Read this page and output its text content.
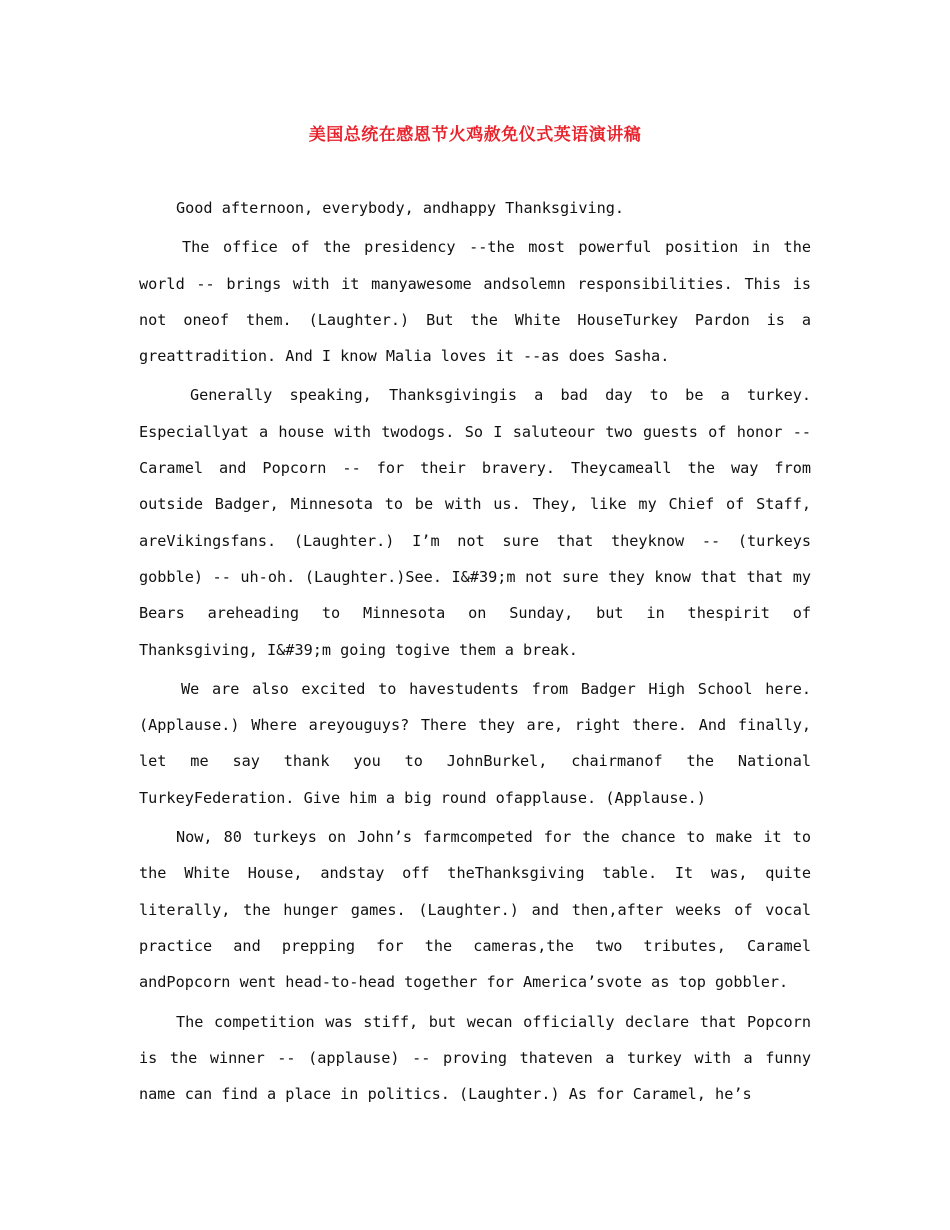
美国总统在感恩节火鸡赦免仪式英语演讲稿

Good afternoon, everybody, andhappy Thanksgiving.

The office of the presidency --the most powerful position in the world -- brings with it manyawesome andsolemn responsibilities. This is not oneof them. (Laughter.) But the White HouseTurkey Pardon is a greattradition. And I know Malia loves it --as does Sasha.

Generally speaking, Thanksgivingis a bad day to be a turkey. Especiallyat a house with twodogs. So I saluteour two guests of honor -- Caramel and Popcorn -- for their bravery. Theycameall the way from outside Badger, Minnesota to be with us. They, like my Chief of Staff, areVikingsfans. (Laughter.) I’m not sure that theyknow -- (turkeys gobble) -- uh-oh. (Laughter.)See. I&#39;m not sure they know that that my Bears areheading to Minnesota on Sunday, but in thespirit of Thanksgiving, I&#39;m going togive them a break.

We are also excited to havestudents from Badger High School here. (Applause.) Where areyouguys? There they are, right there. And finally, let me say thank you to JohnBurkel, chairmanof the National TurkeyFederation. Give him a big round ofapplause. (Applause.)

Now, 80 turkeys on John’s farmcompeted for the chance to make it to the White House, andstay off theThanksgiving table. It was, quite literally, the hunger games. (Laughter.) and then,after weeks of vocal practice and prepping for the cameras,the two tributes, Caramel andPopcorn went head-to-head together for America’svote as top gobbler.

The competition was stiff, but wecan officially declare that Popcorn is the winner -- (applause) -- proving thateven a turkey with a funny name can find a place in politics. (Laughter.) As for Caramel, he’s
